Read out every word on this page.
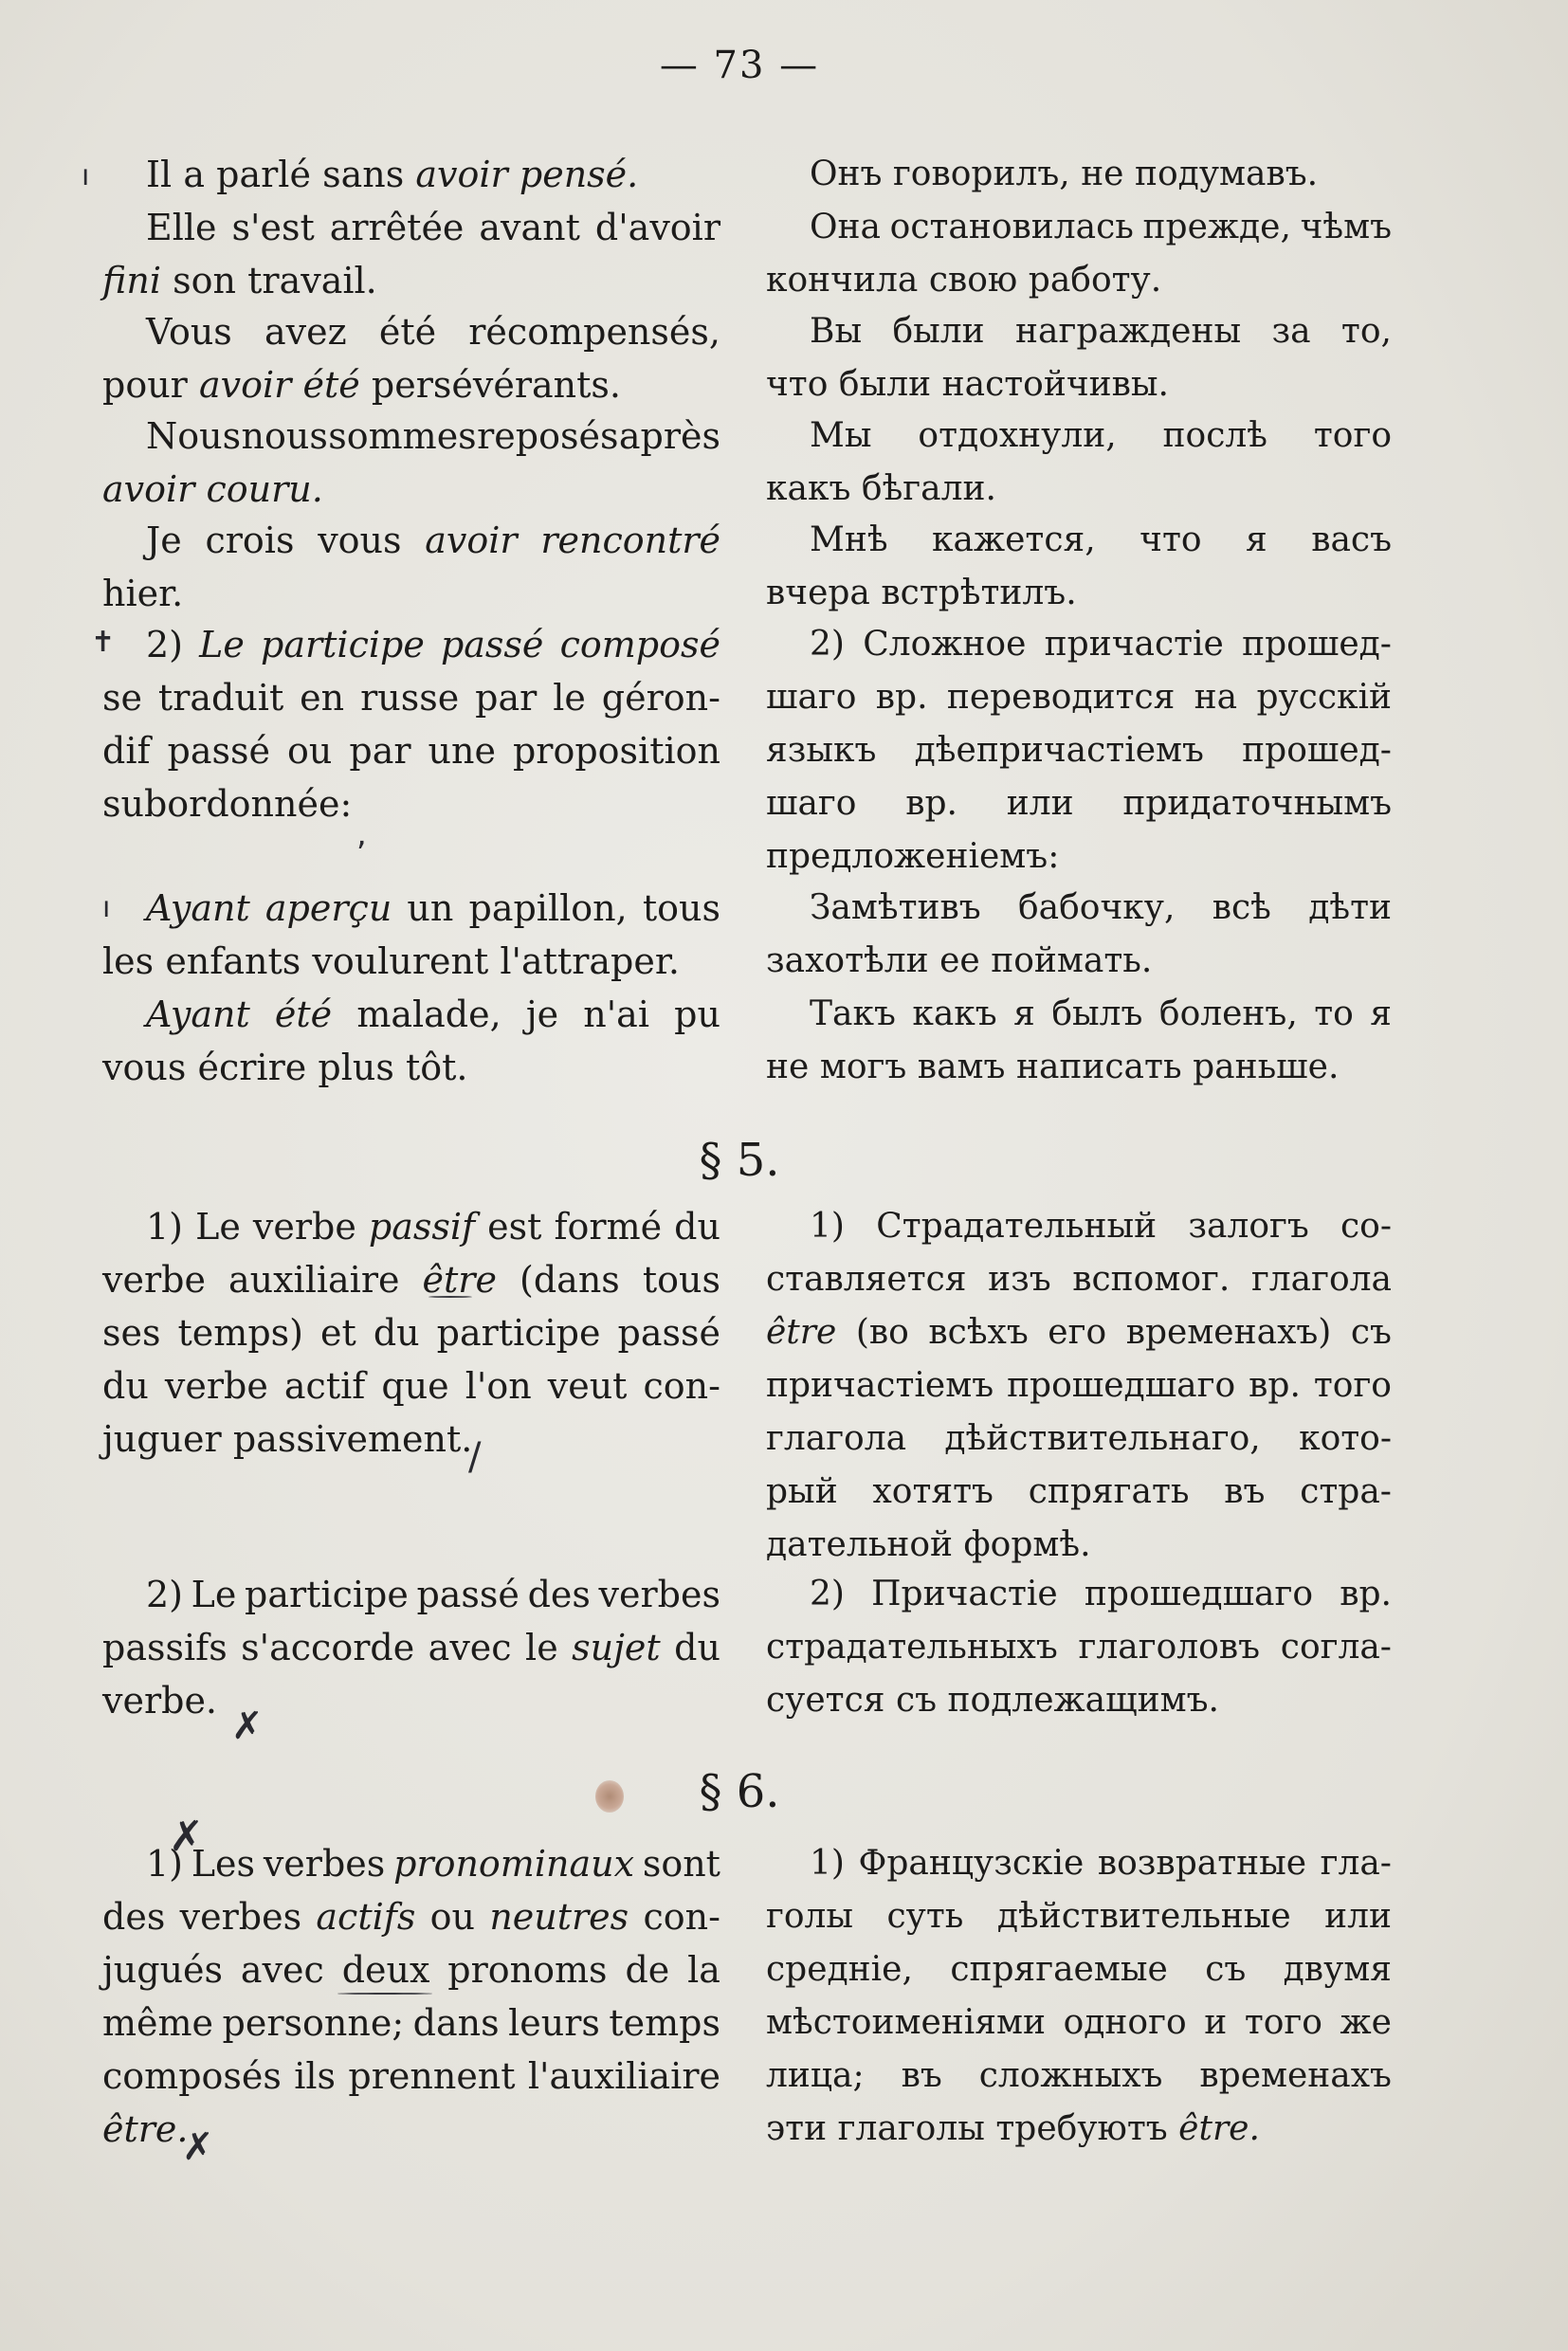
— 73 —
Il a parlé sans avoir pensé.
Elle s'est arrêtée avant d'avoir
fini son travail.
Vous avez été récompensés,
pour avoir été persévérants.
Nous nous sommes reposés après
avoir couru.
Je crois vous avoir rencontré
hier.
2) Le participe passé composé
se traduit en russe par le géron-
dif passé ou par une proposition
subordonnée:
Ayant aperçu un papillon, tous
les enfants voulurent l'attraper.
Ayant été malade, je n'ai pu
vous écrire plus tôt.
1) Le verbe passif est formé du
verbe auxiliaire être (dans tous
ses temps) et du participe passé
du verbe actif que l'on veut con-
juguer passivement.
2) Le participe passé des verbes
passifs s'accorde avec le sujet du
verbe.
1) Les verbes pronominaux sont
des verbes actifs ou neutres con-
jugués avec deux pronoms de la
même personne; dans leurs temps
composés ils prennent l'auxiliaire
être.
Онъ говорилъ, не подумавъ.
Она остановилась прежде, чѣмъ
кончила свою работу.
Вы были награждены за то,
что были настойчивы.
Мы отдохнули, послѣ того
какъ бѣгали.
Мнѣ кажется, что я васъ
вчера встрѣтилъ.
2) Сложное причастіе прошед-
шаго вр. переводится на русскій
языкъ дѣепричастіемъ прошед-
шаго вр. или придаточнымъ
предложеніемъ:
Замѣтивъ бабочку, всѣ дѣти
захотѣли ее поймать.
Такъ какъ я былъ боленъ, то я
не могъ вамъ написать раньше.
1) Страдательный залогъ со-
ставляется изъ вспомог. глагола
être (во всѣхъ его временахъ) съ
причастіемъ прошедшаго вр. того
глагола дѣйствительнаго, кото-
рый хотятъ спрягать въ стра-
дательной формѣ.
2) Причастіе прошедшаго вр.
страдательныхъ глаголовъ согла-
суется съ подлежащимъ.
1) Французскіе возвратные гла-
голы суть дѣйствительные или
средніе, спрягаемые съ двумя
мѣстоименіями одного и того же
лица; въ сложныхъ временахъ
эти глаголы требуютъ être.
§ 5.
§ 6.
ı
✝
,
ı
/
✗
✗
✗
